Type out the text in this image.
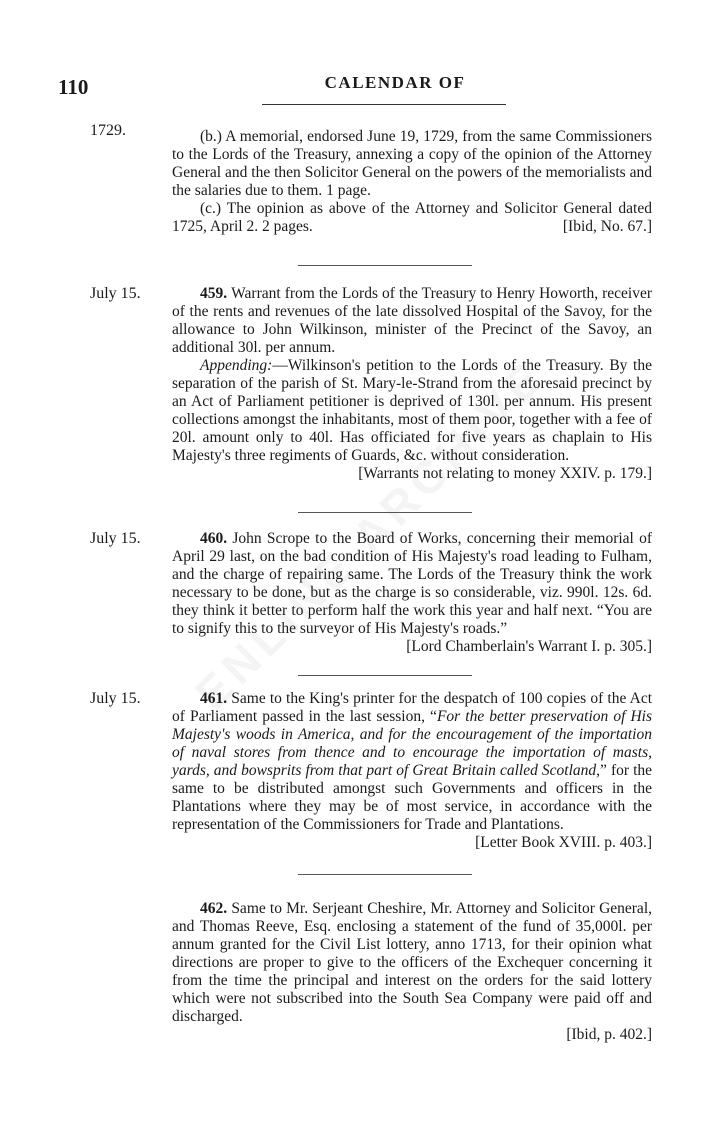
110	CALENDAR OF
1729.	(b.) A memorial, endorsed June 19, 1729, from the same Commissioners to the Lords of the Treasury, annexing a copy of the opinion of the Attorney General and the then Solicitor General on the powers of the memorialists and the salaries due to them. 1 page.

(c.) The opinion as above of the Attorney and Solicitor General dated 1725, April 2. 2 pages.	[Ibid, No. 67.]

July 15.	459. Warrant from the Lords of the Treasury to Henry Howorth, receiver of the rents and revenues of the late dissolved Hospital of the Savoy, for the allowance to John Wilkinson, minister of the Precinct of the Savoy, an additional 30l. per annum.

Appending:—Wilkinson's petition to the Lords of the Treasury. By the separation of the parish of St. Mary-le-Strand from the aforesaid precinct by an Act of Parliament petitioner is deprived of 130l. per annum. His present collections amongst the inhabitants, most of them poor, together with a fee of 20l. amount only to 40l. Has officiated for five years as chaplain to His Majesty's three regiments of Guards, &c. without consideration.

[Warrants not relating to money XXIV. p. 179.]
July 15.	460. John Scrope to the Board of Works, concerning their memorial of April 29 last, on the bad condition of His Majesty's road leading to Fulham, and the charge of repairing same. The Lords of the Treasury think the work necessary to be done, but as the charge is so considerable, viz. 990l. 12s. 6d. they think it better to perform half the work this year and half next. “You are to signify this to the surveyor of His Majesty's roads.”

[Lord Chamberlain's Warrant I. p. 305.]
July 15.	461. Same to the King's printer for the despatch of 100 copies of the Act of Parliament passed in the last session, “For the better preservation of His Majesty's woods in America, and for the encouragement of the importation of naval stores from thence and to encourage the importation of masts, yards, and bowsprits from that part of Great Britain called Scotland,” for the same to be distributed amongst such Governments and officers in the Plantations where they may be of most service, in accordance with the representation of the Commissioners for Trade and Plantations.

[Letter Book XVIII. p. 403.]

462. Same to Mr. Serjeant Cheshire, Mr. Attorney and Solicitor General, and Thomas Reeve, Esq. enclosing a statement of the fund of 35,000l. per annum granted for the Civil List lottery, anno 1713, for their opinion what directions are proper to give to the officers of the Exchequer concerning it from the time the principal and interest on the orders for the said lottery which were not subscribed into the South Sea Company were paid off and discharged.

[Ibid, p. 402.]
